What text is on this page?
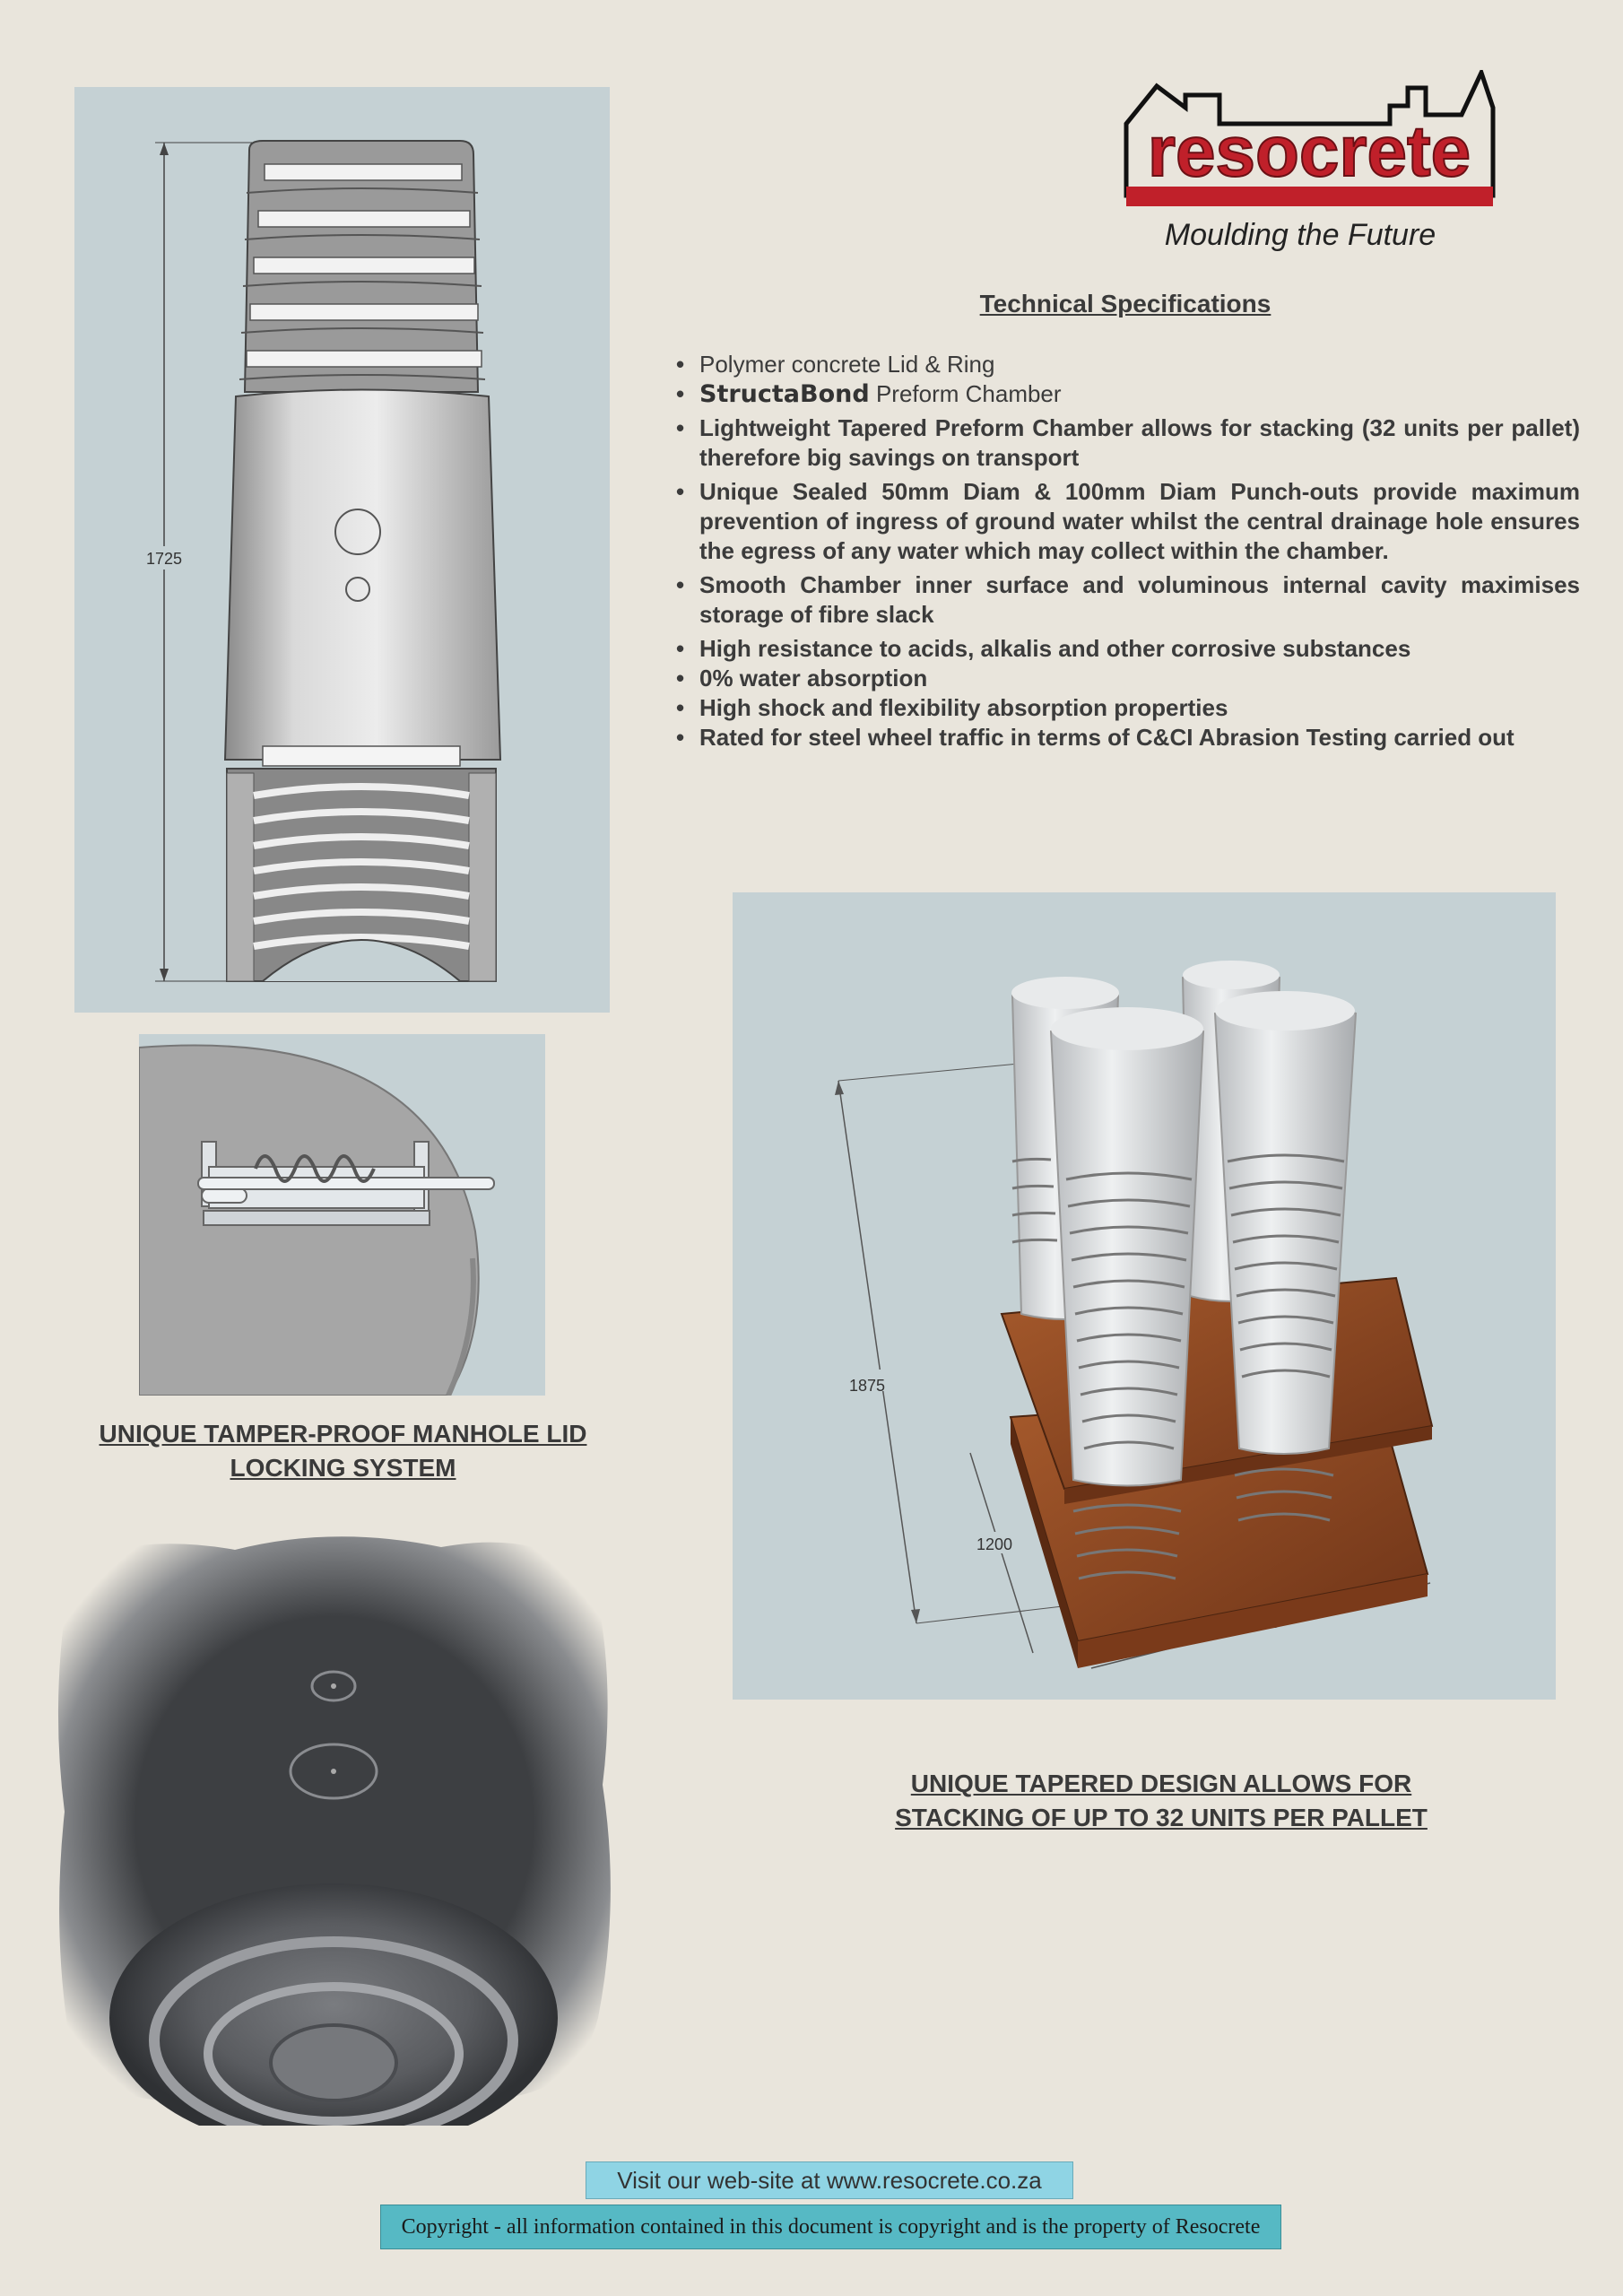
1725
resocrete
Moulding the Future
Technical Specifications
• Polymer concrete Lid & Ring
• StructaBond Preform Chamber
• Lightweight Tapered Preform Chamber allows for stacking (32 units per pallet) therefore big savings on transport
• Unique Sealed 50mm Diam & 100mm Diam Punch-outs provide maximum prevention of ingress of ground water whilst the central drainage hole ensures the egress of any water which may collect within the chamber.
• Smooth Chamber inner surface and voluminous internal cavity maximises storage of fibre slack
• High resistance to acids, alkalis and other corrosive substances
• 0% water absorption
• High shock and flexibility absorption properties
• Rated for steel wheel traffic in terms of C&CI Abrasion Testing carried out
UNIQUE TAMPER-PROOF MANHOLE LID
LOCKING SYSTEM
1875
1200
UNIQUE TAPERED DESIGN ALLOWS FOR
STACKING OF UP TO 32 UNITS PER PALLET
Visit our web-site at www.resocrete.co.za
Copyright - all information contained in this document is copyright and is the property of Resocrete
